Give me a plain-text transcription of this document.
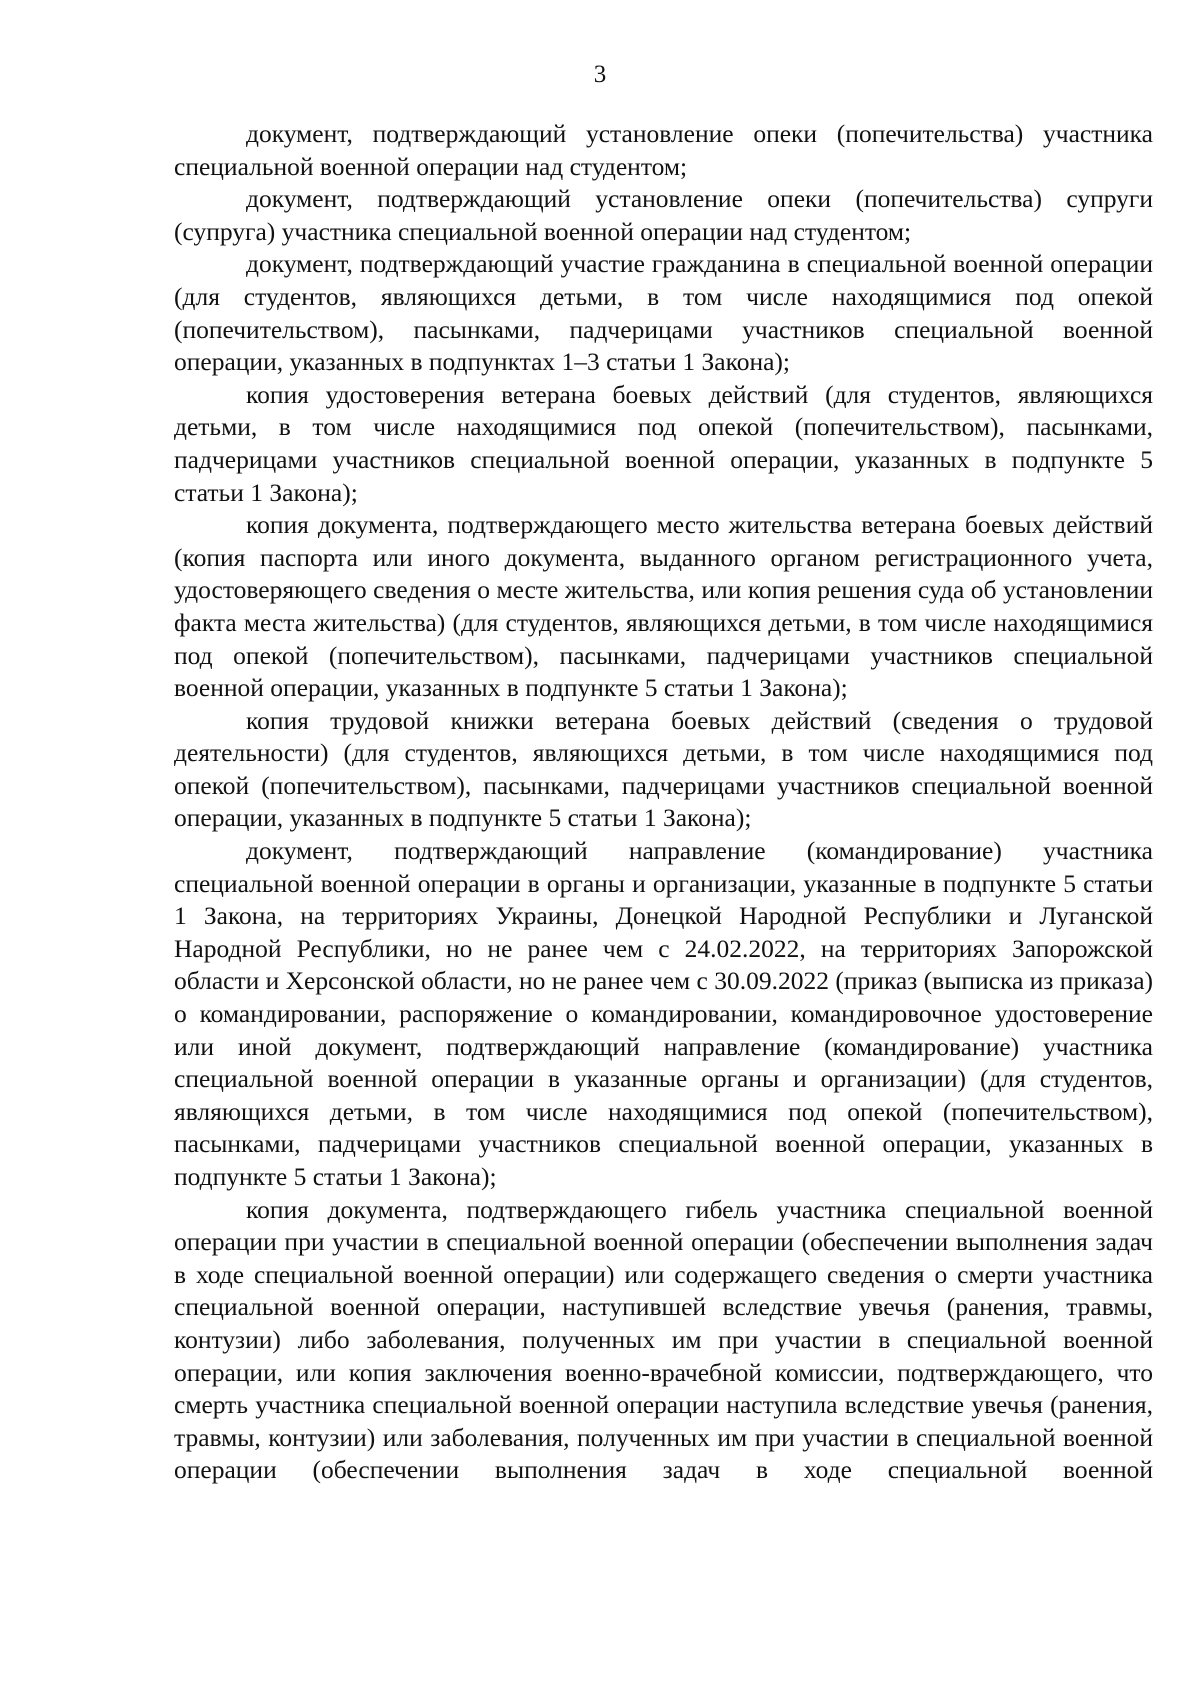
3

документ, подтверждающий установление опеки (попечительства) участника специальной военной операции над студентом;

документ, подтверждающий установление опеки (попечительства) супруги (супруга) участника специальной военной операции над студентом;

документ, подтверждающий участие гражданина в специальной военной операции (для студентов, являющихся детьми, в том числе находящимися под опекой (попечительством), пасынками, падчерицами участников специальной военной операции, указанных в подпунктах 1–3 статьи 1 Закона);

копия удостоверения ветерана боевых действий (для студентов, являющихся детьми, в том числе находящимися под опекой (попечительством), пасынками, падчерицами участников специальной военной операции, указанных в подпункте 5 статьи 1 Закона);

копия документа, подтверждающего место жительства ветерана боевых действий (копия паспорта или иного документа, выданного органом регистрационного учета, удостоверяющего сведения о месте жительства, или копия решения суда об установлении факта места жительства) (для студентов, являющихся детьми, в том числе находящимися под опекой (попечительством), пасынками, падчерицами участников специальной военной операции, указанных в подпункте 5 статьи 1 Закона);

копия трудовой книжки ветерана боевых действий (сведения о трудовой деятельности) (для студентов, являющихся детьми, в том числе находящимися под опекой (попечительством), пасынками, падчерицами участников специальной военной операции, указанных в подпункте 5 статьи 1 Закона);

документ, подтверждающий направление (командирование) участника специальной военной операции в органы и организации, указанные в подпункте 5 статьи 1 Закона, на территориях Украины, Донецкой Народной Республики и Луганской Народной Республики, но не ранее чем с 24.02.2022, на территориях Запорожской области и Херсонской области, но не ранее чем с 30.09.2022 (приказ (выписка из приказа) о командировании, распоряжение о командировании, командировочное удостоверение или иной документ, подтверждающий направление (командирование) участника специальной военной операции в указанные органы и организации) (для студентов, являющихся детьми, в том числе находящимися под опекой (попечительством), пасынками, падчерицами участников специальной военной операции, указанных в подпункте 5 статьи 1 Закона);

копия документа, подтверждающего гибель участника специальной военной операции при участии в специальной военной операции (обеспечении выполнения задач в ходе специальной военной операции) или содержащего сведения о смерти участника специальной военной операции, наступившей вследствие увечья (ранения, травмы, контузии) либо заболевания, полученных им при участии в специальной военной операции, или копия заключения военно-врачебной комиссии, подтверждающего, что смерть участника специальной военной операции наступила вследствие увечья (ранения, травмы, контузии) или заболевания, полученных им при участии в специальной военной операции (обеспечении выполнения задач в ходе специальной военной
